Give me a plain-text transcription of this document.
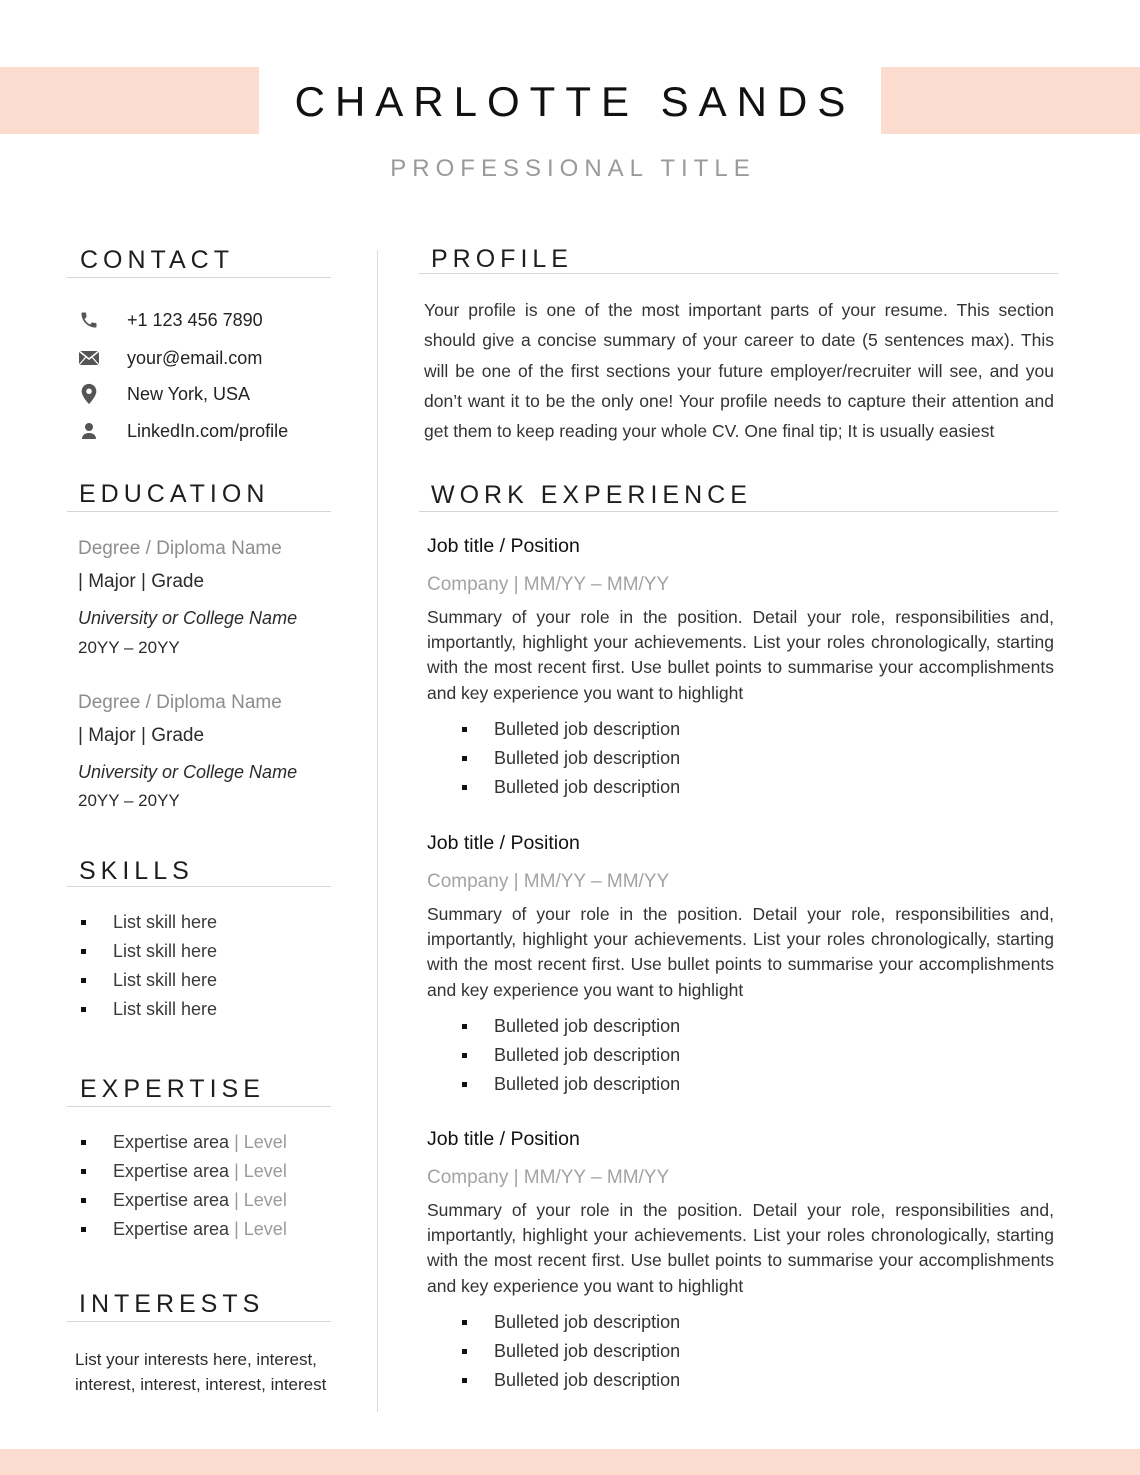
CHARLOTTE SANDS
PROFESSIONAL TITLE
CONTACT
+1 123 456 7890
your@email.com
New York, USA
LinkedIn.com/profile
EDUCATION
Degree / Diploma Name
| Major | Grade
University or College Name
20YY – 20YY
Degree / Diploma Name
| Major | Grade
University or College Name
20YY – 20YY
SKILLS
List skill here
List skill here
List skill here
List skill here
EXPERTISE
Expertise area | Level
Expertise area | Level
Expertise area | Level
Expertise area | Level
INTERESTS
List your interests here, interest, interest, interest, interest, interest
PROFILE
Your profile is one of the most important parts of your resume. This section should give a concise summary of your career to date (5 sentences max). This will be one of the first sections your future employer/recruiter will see, and you don’t want it to be the only one! Your profile needs to capture their attention and get them to keep reading your whole CV. One final tip; It is usually easiest
WORK EXPERIENCE
Job title / Position
Company | MM/YY – MM/YY
Summary of your role in the position. Detail your role, responsibilities and, importantly, highlight your achievements. List your roles chronologically, starting with the most recent first. Use bullet points to summarise your accomplishments and key experience you want to highlight
Bulleted job description
Bulleted job description
Bulleted job description
Job title / Position
Company | MM/YY – MM/YY
Summary of your role in the position. Detail your role, responsibilities and, importantly, highlight your achievements. List your roles chronologically, starting with the most recent first. Use bullet points to summarise your accomplishments and key experience you want to highlight
Bulleted job description
Bulleted job description
Bulleted job description
Job title / Position
Company | MM/YY – MM/YY
Summary of your role in the position. Detail your role, responsibilities and, importantly, highlight your achievements. List your roles chronologically, starting with the most recent first. Use bullet points to summarise your accomplishments and key experience you want to highlight
Bulleted job description
Bulleted job description
Bulleted job description
